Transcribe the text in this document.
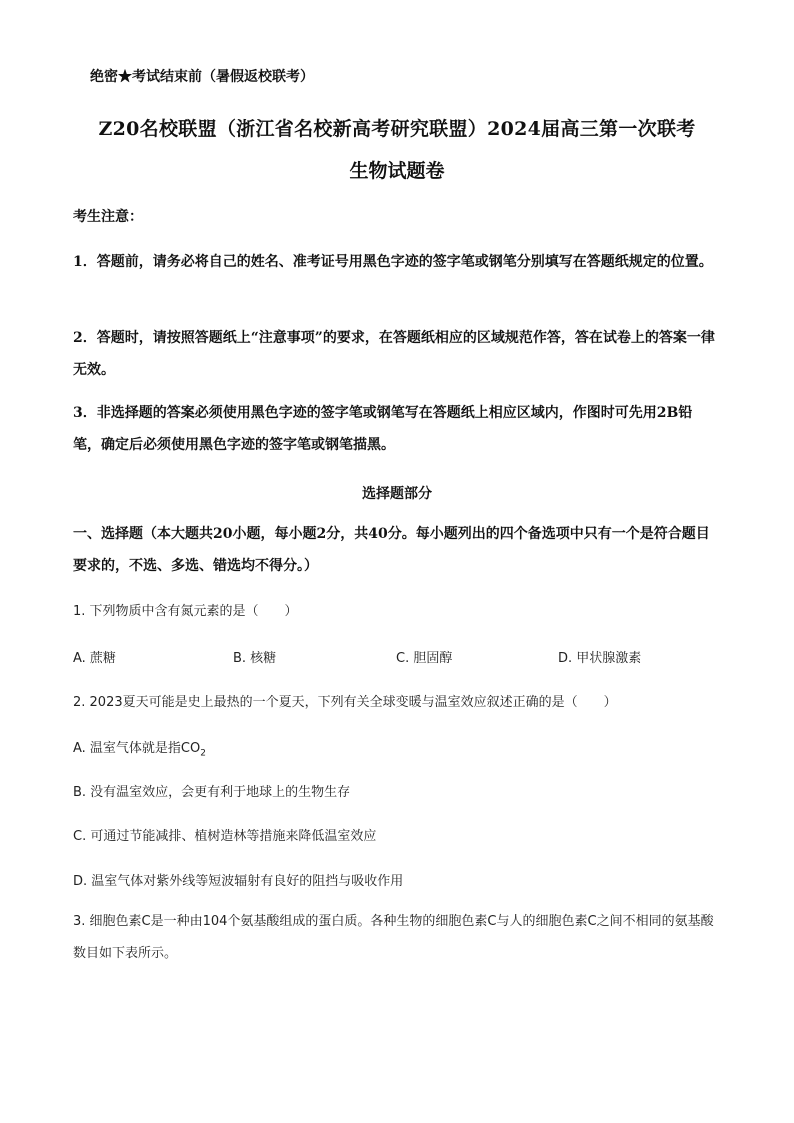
绝密★考试结束前（暑假返校联考）
Z20名校联盟（浙江省名校新高考研究联盟）2024届高三第一次联考
生物试题卷
考生注意：
1．答题前，请务必将自己的姓名、准考证号用黑色字迹的签字笔或钢笔分别填写在答题纸规定的位置。
2．答题时，请按照答题纸上“注意事项”的要求，在答题纸相应的区域规范作答，答在试卷上的答案一律无效。
3．非选择题的答案必须使用黑色字迹的签字笔或钢笔写在答题纸上相应区域内，作图时可先用2B铅笔，确定后必须使用黑色字迹的签字笔或钢笔描黑。
选择题部分
一、选择题（本大题共20小题，每小题2分，共40分。每小题列出的四个备选项中只有一个是符合题目要求的，不选、多选、错选均不得分。）
1. 下列物质中含有氮元素的是（　　）
A. 蔗糖	B. 核糖	C. 胆固醇	D. 甲状腺激素
2. 2023夏天可能是史上最热的一个夏天，下列有关全球变暖与温室效应叙述正确的是（　　）
A. 温室气体就是指$CO_2$
B. 没有温室效应，会更有利于地球上的生物生存
C. 可通过节能减排、植树造林等措施来降低温室效应
D. 温室气体对紫外线等短波辐射有良好的阻挡与吸收作用
3. 细胞色素C是一种由104个氨基酸组成的蛋白质。各种生物的细胞色素C与人的细胞色素C之间不相同的氨基酸数目如下表所示。
